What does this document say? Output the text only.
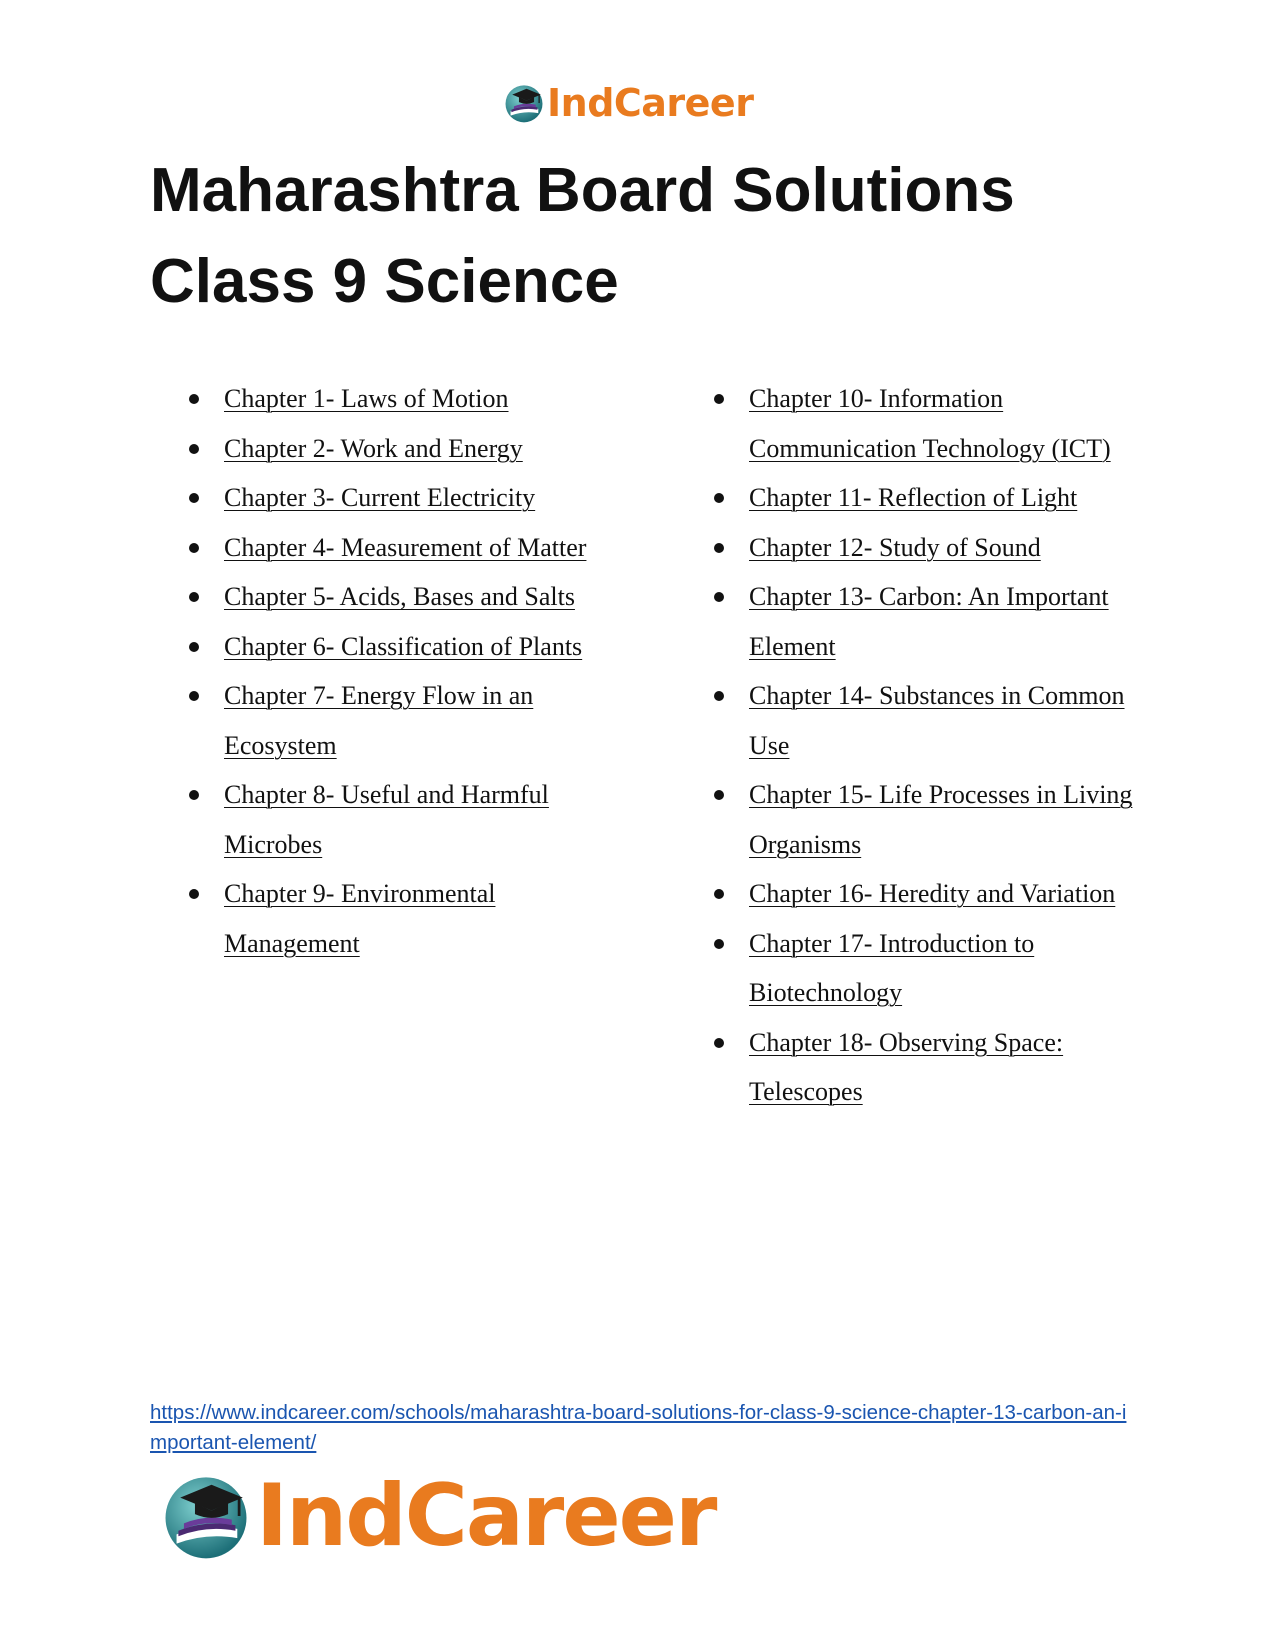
IndCareer
Maharashtra Board Solutions
Class 9 Science
Chapter 1- Laws of Motion
Chapter 2- Work and Energy
Chapter 3- Current Electricity
Chapter 4- Measurement of Matter
Chapter 5- Acids, Bases and Salts
Chapter 6- Classification of Plants
Chapter 7- Energy Flow in an Ecosystem
Chapter 8- Useful and Harmful Microbes
Chapter 9- Environmental Management
Chapter 10- Information Communication Technology (ICT)
Chapter 11- Reflection of Light
Chapter 12- Study of Sound
Chapter 13- Carbon: An Important Element
Chapter 14- Substances in Common Use
Chapter 15- Life Processes in Living Organisms
Chapter 16- Heredity and Variation
Chapter 17- Introduction to Biotechnology
Chapter 18- Observing Space: Telescopes
https://www.indcareer.com/schools/maharashtra-board-solutions-for-class-9-science-chapter-13-carbon-an-important-element/
IndCareer
